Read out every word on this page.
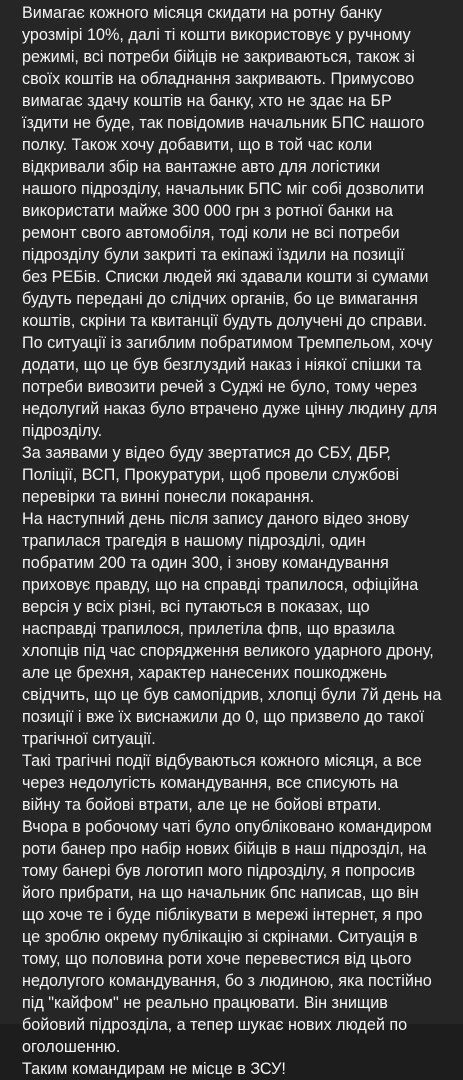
Вимагає кожного місяця скидати на ротну банку
урозмірі 10%, далі ті кошти використовує у ручному
режимі, всі потреби бійців не закриваються, також зі
своїх коштів на обладнання закривають. Примусово
вимагає здачу коштів на банку, хто не здає на БР
їздити не буде, так повідомив начальник БПС нашого
полку. Також хочу добавити, що в той час коли
відкривали збір на вантажне авто для логістики
нашого підрозділу, начальник БПС міг собі дозволити
використати майже 300 000 грн з ротної банки на
ремонт свого автомобіля, тоді коли не всі потреби
підрозділу були закриті та екіпажі їздили на позиції
без РЕБів. Списки людей які здавали кошти зі сумами
будуть передані до слідчих органів, бо це вимагання
коштів, скріни та квитанції будуть долучені до справи.

По ситуації із загиблим побратимом Тремпельом, хочу
додати, що це був безглуздий наказ і ніякої спішки та
потреби вивозити речей з Суджі не було, тому через
недолугий наказ було втрачено дуже цінну людину для
підрозділу.

За заявами у відео буду звертатися до СБУ, ДБР,
Поліції, ВСП, Прокуратури, щоб провели службові
перевірки та винні понесли покарання.

На наступний день після запису даного відео знову
трапилася трагедія в нашому підрозділі, один
побратим 200 та один 300, і знову командування
приховує правду, що на справді трапилося, офіційна
версія у всіх різні, всі путаються в показах, що
насправді трапилося, прилетіла фпв, що вразила
хлопців під час спорядження великого ударного дрону,
але це брехня, характер нанесених пошкоджень
свідчить, що це був самопідрив, хлопці були 7й день на
позиції і вже їх виснажили до 0, що призвело до такої
трагічної ситуації.

Такі трагічні події відбуваються кожного місяця, а все
через недолугість командування, все списують на
війну та бойові втрати, але це не бойові втрати.

Вчора в робочому чаті було опубліковано командиром
роти банер про набір нових бійців в наш підрозділ, на
тому банері був логотип мого підрозділу, я попросив
його прибрати, на що начальник бпс написав, що він
що хоче те і буде піблікувати в мережі інтернет, я про
це зроблю окрему публікацію зі скрінами. Ситуація в
тому, що половина роти хоче перевестися від цього
недолугого командування, бо з людиною, яка постійно
під "кайфом" не реально працювати. Він знищив
бойовий підрозділа, а тепер шукає нових людей по
оголошенню.

Таким командирам не місце в ЗСУ!
